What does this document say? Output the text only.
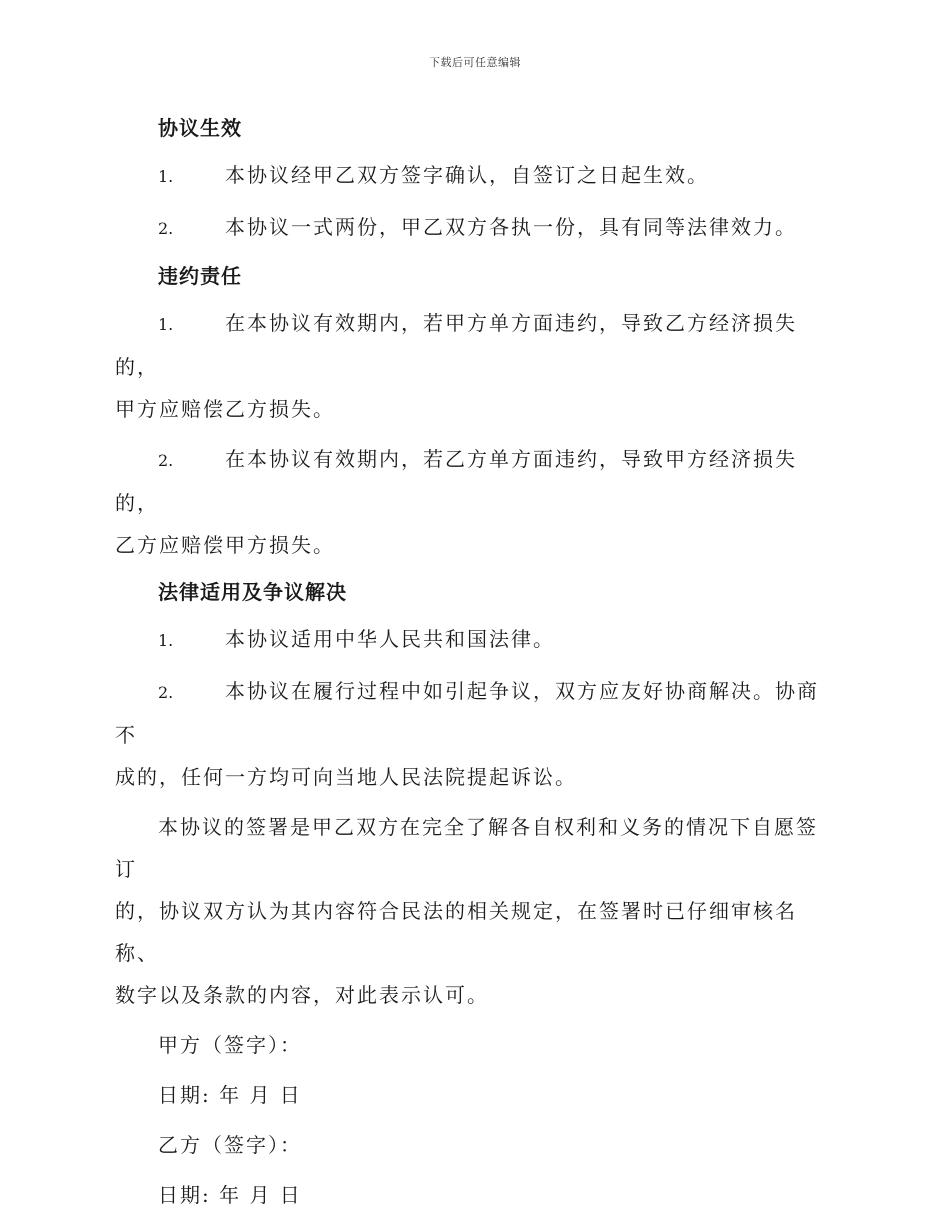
下载后可任意编辑
协议生效

1.	本协议经甲乙双方签字确认，自签订之日起生效。

2.	本协议一式两份，甲乙双方各执一份，具有同等法律效力。

违约责任

1.	在本协议有效期内，若甲方单方面违约，导致乙方经济损失的，

甲方应赔偿乙方损失。

2.	在本协议有效期内，若乙方单方面违约，导致甲方经济损失的，

乙方应赔偿甲方损失。

法律适用及争议解决

1.	本协议适用中华人民共和国法律。

2.	本协议在履行过程中如引起争议，双方应友好协商解决。协商不

成的，任何一方均可向当地人民法院提起诉讼。

本协议的签署是甲乙双方在完全了解各自权利和义务的情况下自愿签订

的，协议双方认为其内容符合民法的相关规定，在签署时已仔细审核名称、

数字以及条款的内容，对此表示认可。

甲方（签字）：

日期: 年 月 日

乙方（签字）：

日期: 年 月 日
